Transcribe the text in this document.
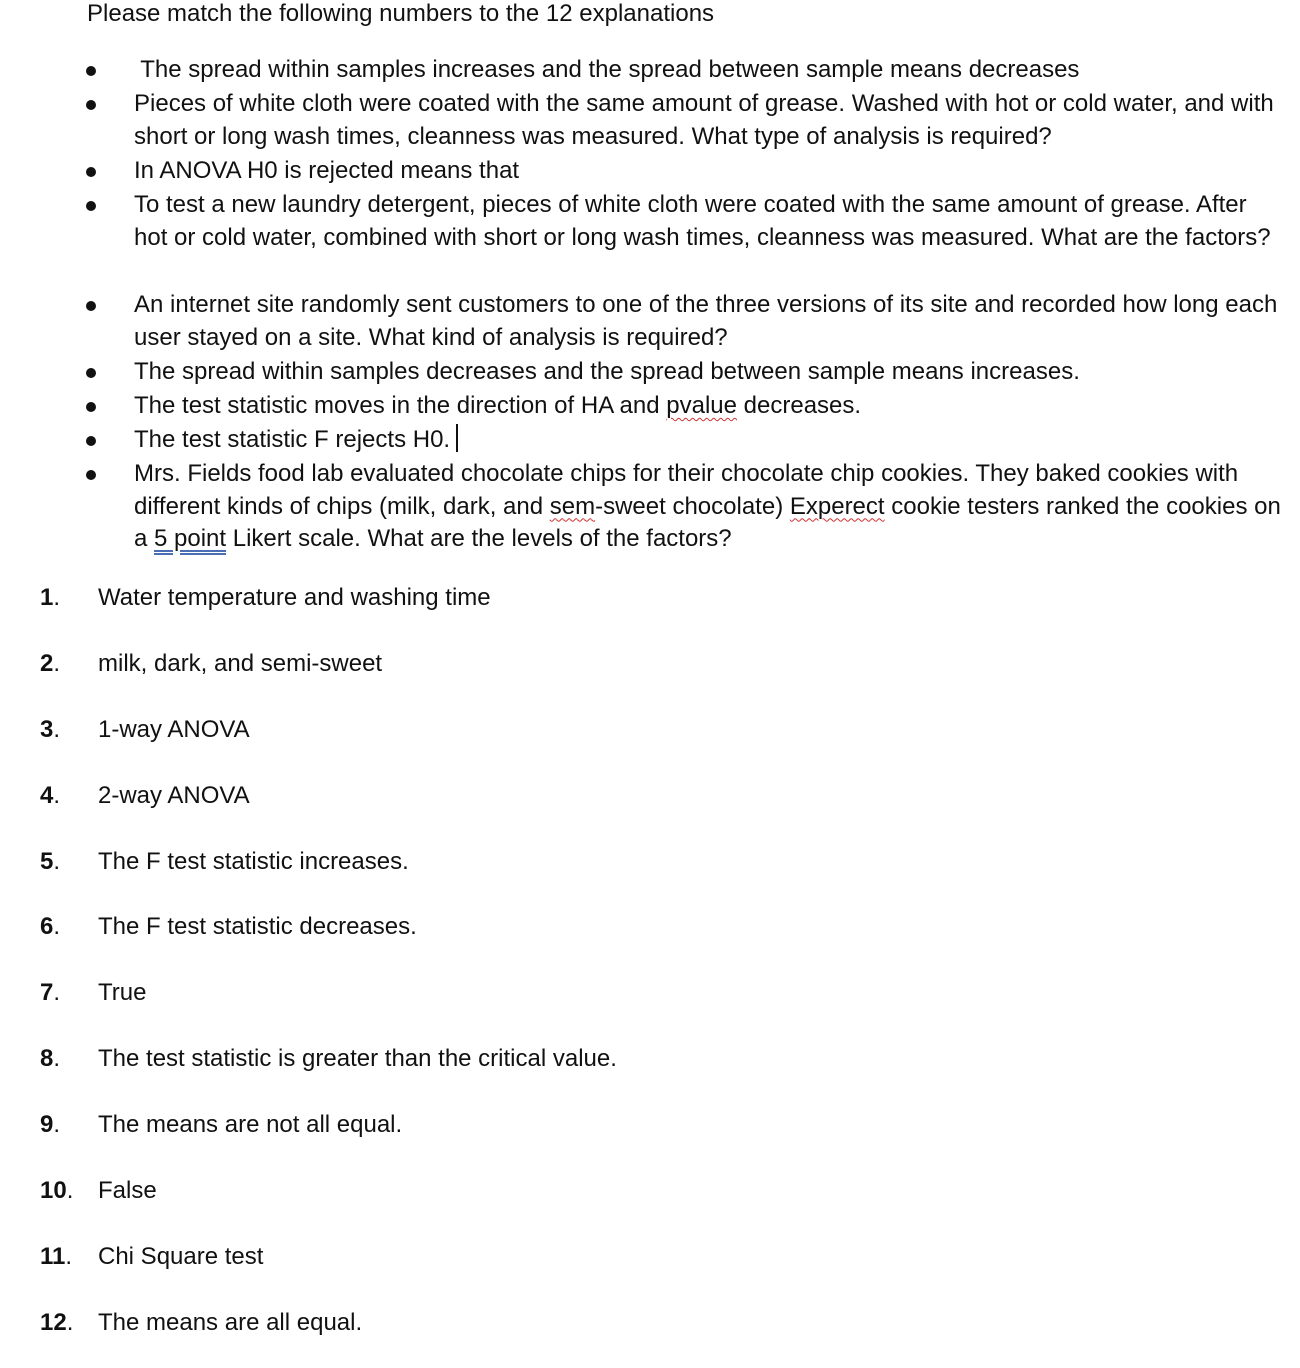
Please match the following numbers to the 12 explanations
The spread within samples increases and the spread between sample means decreases
Pieces of white cloth were coated with the same amount of grease. Washed with hot or cold water, and with short or long wash times, cleanness was measured. What type of analysis is required?
In ANOVA H0 is rejected means that
To test a new laundry detergent, pieces of white cloth were coated with the same amount of grease. After hot or cold water, combined with short or long wash times, cleanness was measured. What are the factors?
An internet site randomly sent customers to one of the three versions of its site and recorded how long each user stayed on a site. What kind of analysis is required?
The spread within samples decreases and the spread between sample means increases.
The test statistic moves in the direction of HA and pvalue decreases.
The test statistic F rejects H0.
Mrs. Fields food lab evaluated chocolate chips for their chocolate chip cookies. They baked cookies with different kinds of chips (milk, dark, and sem-sweet chocolate) Experect cookie testers ranked the cookies on a 5 point Likert scale. What are the levels of the factors?
1. Water temperature and washing time
2. milk, dark, and semi-sweet
3. 1-way ANOVA
4. 2-way ANOVA
5. The F test statistic increases.
6. The F test statistic decreases.
7. True
8. The test statistic is greater than the critical value.
9. The means are not all equal.
10. False
11. Chi Square test
12. The means are all equal.
